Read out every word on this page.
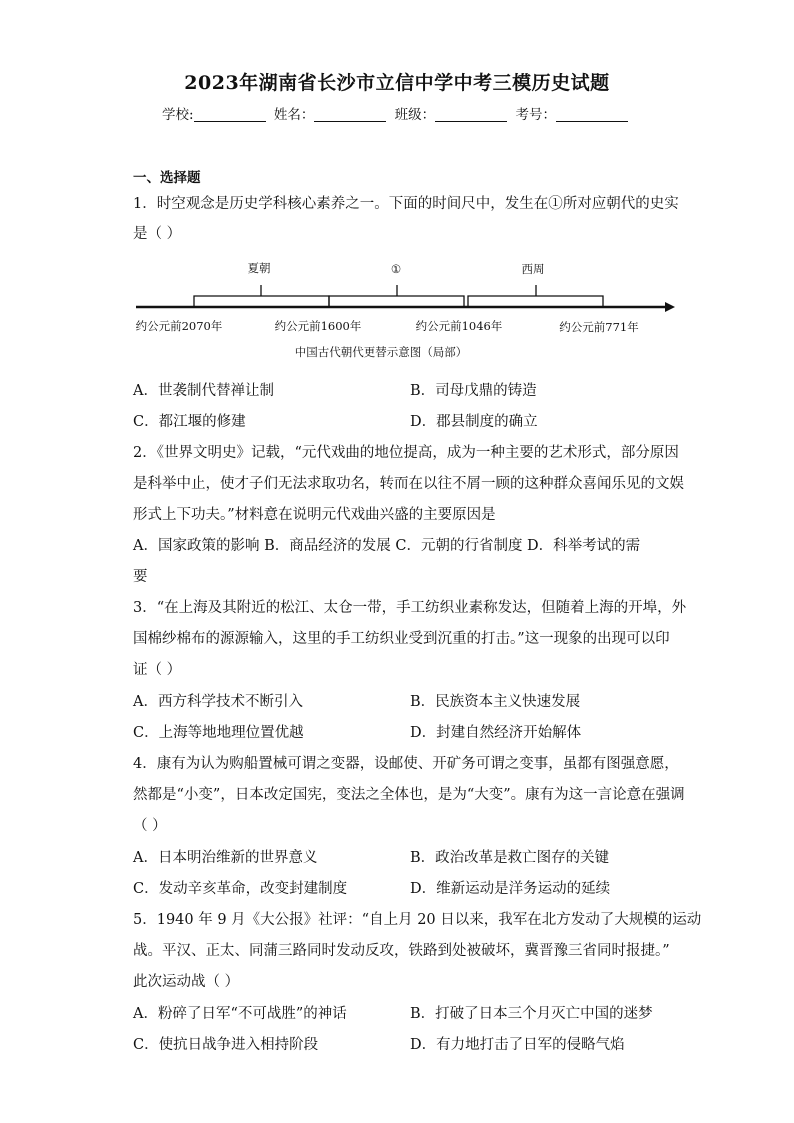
2023年湖南省长沙市立信中学中考三模历史试题
学校:	姓名：	班级：	考号：
一、选择题
1．时空观念是历史学科核心素养之一。下面的时间尺中，发生在①所对应朝代的史实
是（ ）
夏朝	①	西周
约公元前2070年	约公元前1600年	约公元前1046年	约公元前771年
中国古代朝代更替示意图（局部）
A．世袭制代替禅让制	B．司母戊鼎的铸造
C．都江堰的修建	D．郡县制度的确立
2．《世界文明史》记载，“元代戏曲的地位提高，成为一种主要的艺术形式，部分原因
是科举中止，使才子们无法求取功名，转而在以往不屑一顾的这种群众喜闻乐见的文娱
形式上下功夫。”材料意在说明元代戏曲兴盛的主要原因是
A．国家政策的影响 B．商品经济的发展 C．元朝的行省制度 D．科举考试的需
要
3．“在上海及其附近的松江、太仓一带，手工纺织业素称发达，但随着上海的开埠，外
国棉纱棉布的源源输入，这里的手工纺织业受到沉重的打击。”这一现象的出现可以印
证（ ）
A．西方科学技术不断引入	B．民族资本主义快速发展
C．上海等地地理位置优越	D．封建自然经济开始解体
4．康有为认为购船置械可谓之变器，设邮使、开矿务可谓之变事，虽都有图强意愿，
然都是“小变”，日本改定国宪，变法之全体也，是为“大变”。康有为这一言论意在强调
（ ）
A．日本明治维新的世界意义	B．政治改革是救亡图存的关键
C．发动辛亥革命，改变封建制度	D．维新运动是洋务运动的延续
5．1940 年 9 月《大公报》社评：“自上月 20 日以来，我军在北方发动了大规模的运动
战。平汉、正太、同蒲三路同时发动反攻，铁路到处被破坏，冀晋豫三省同时报捷。”
此次运动战（ ）
A．粉碎了日军“不可战胜”的神话	B．打破了日本三个月灭亡中国的迷梦
C．使抗日战争进入相持阶段	D．有力地打击了日军的侵略气焰
